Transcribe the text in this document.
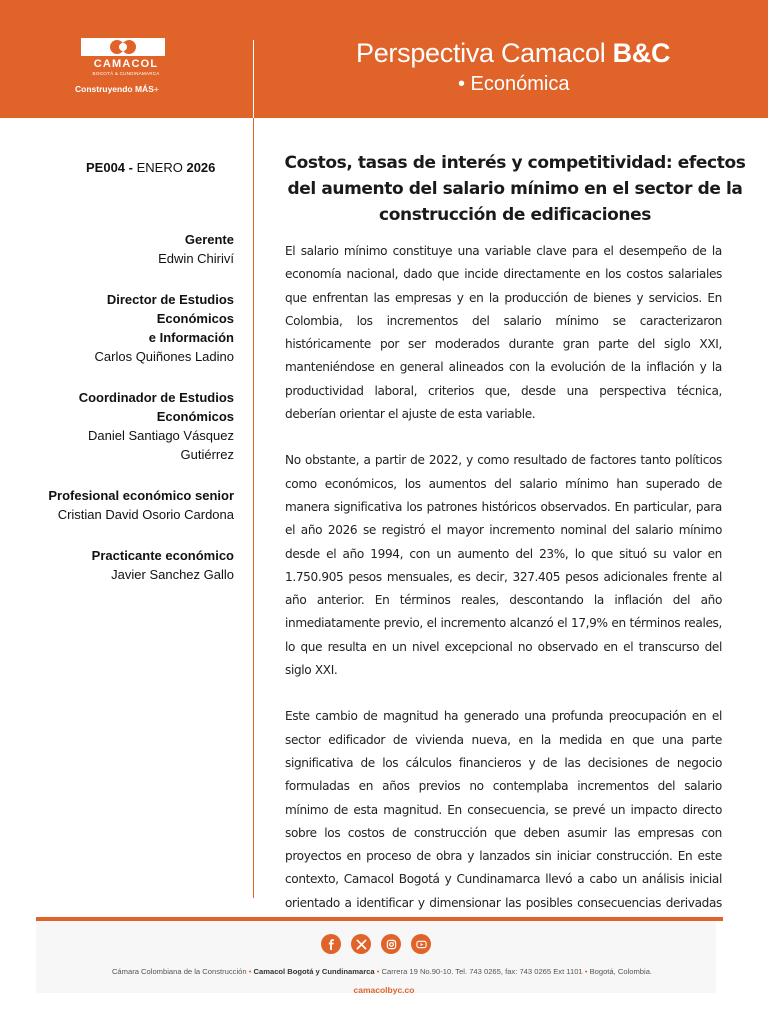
CAMACOL
BOGOTÁ & CUNDINAMARCA
Construyendo MÁS+
Perspectiva Camacol B&C
• Económica
PE004 - ENERO 2026
Gerente
Edwin Chiriví
Director de Estudios
Económicos
e Información
Carlos Quiñones Ladino
Coordinador de Estudios
Económicos
Daniel Santiago Vásquez
Gutiérrez
Profesional económico senior
Cristian David Osorio Cardona
Practicante económico
Javier Sanchez Gallo
Costos, tasas de interés y competitividad: efectos del aumento del salario mínimo en el sector de la construcción de edificaciones

El salario mínimo constituye una variable clave para el desempeño de la economía nacional, dado que incide directamente en los costos salariales que enfrentan las empresas y en la producción de bienes y servicios. En Colombia, los incrementos del salario mínimo se caracterizaron históricamente por ser moderados durante gran parte del siglo XXI, manteniéndose en general alineados con la evolución de la inflación y la productividad laboral, criterios que, desde una perspectiva técnica, deberían orientar el ajuste de esta variable.

No obstante, a partir de 2022, y como resultado de factores tanto políticos como económicos, los aumentos del salario mínimo han superado de manera significativa los patrones históricos observados. En particular, para el año 2026 se registró el mayor incremento nominal del salario mínimo desde el año 1994, con un aumento del 23%, lo que situó su valor en 1.750.905 pesos mensuales, es decir, 327.405 pesos adicionales frente al año anterior. En términos reales, descontando la inflación del año inmediatamente previo, el incremento alcanzó el 17,9% en términos reales, lo que resulta en un nivel excepcional no observado en el transcurso del siglo XXI.

Este cambio de magnitud ha generado una profunda preocupación en el sector edificador de vivienda nueva, en la medida en que una parte significativa de los cálculos financieros y de las decisiones de negocio formuladas en años previos no contemplaba incrementos del salario mínimo de esta magnitud. En consecuencia, se prevé un impacto directo sobre los costos de construcción que deben asumir las empresas con proyectos en proceso de obra y lanzados sin iniciar construcción. En este contexto, Camacol Bogotá y Cundinamarca llevó a cabo un análisis inicial orientado a identificar y dimensionar las posibles consecuencias derivadas

Cámara Colombiana de la Construcción • Camacol Bogotá y Cundinamarca • Carrera 19 No.90-10. Tel. 743 0265, fax: 743 0265 Ext 1101 • Bogotá, Colombia.
camacolbyc.co
